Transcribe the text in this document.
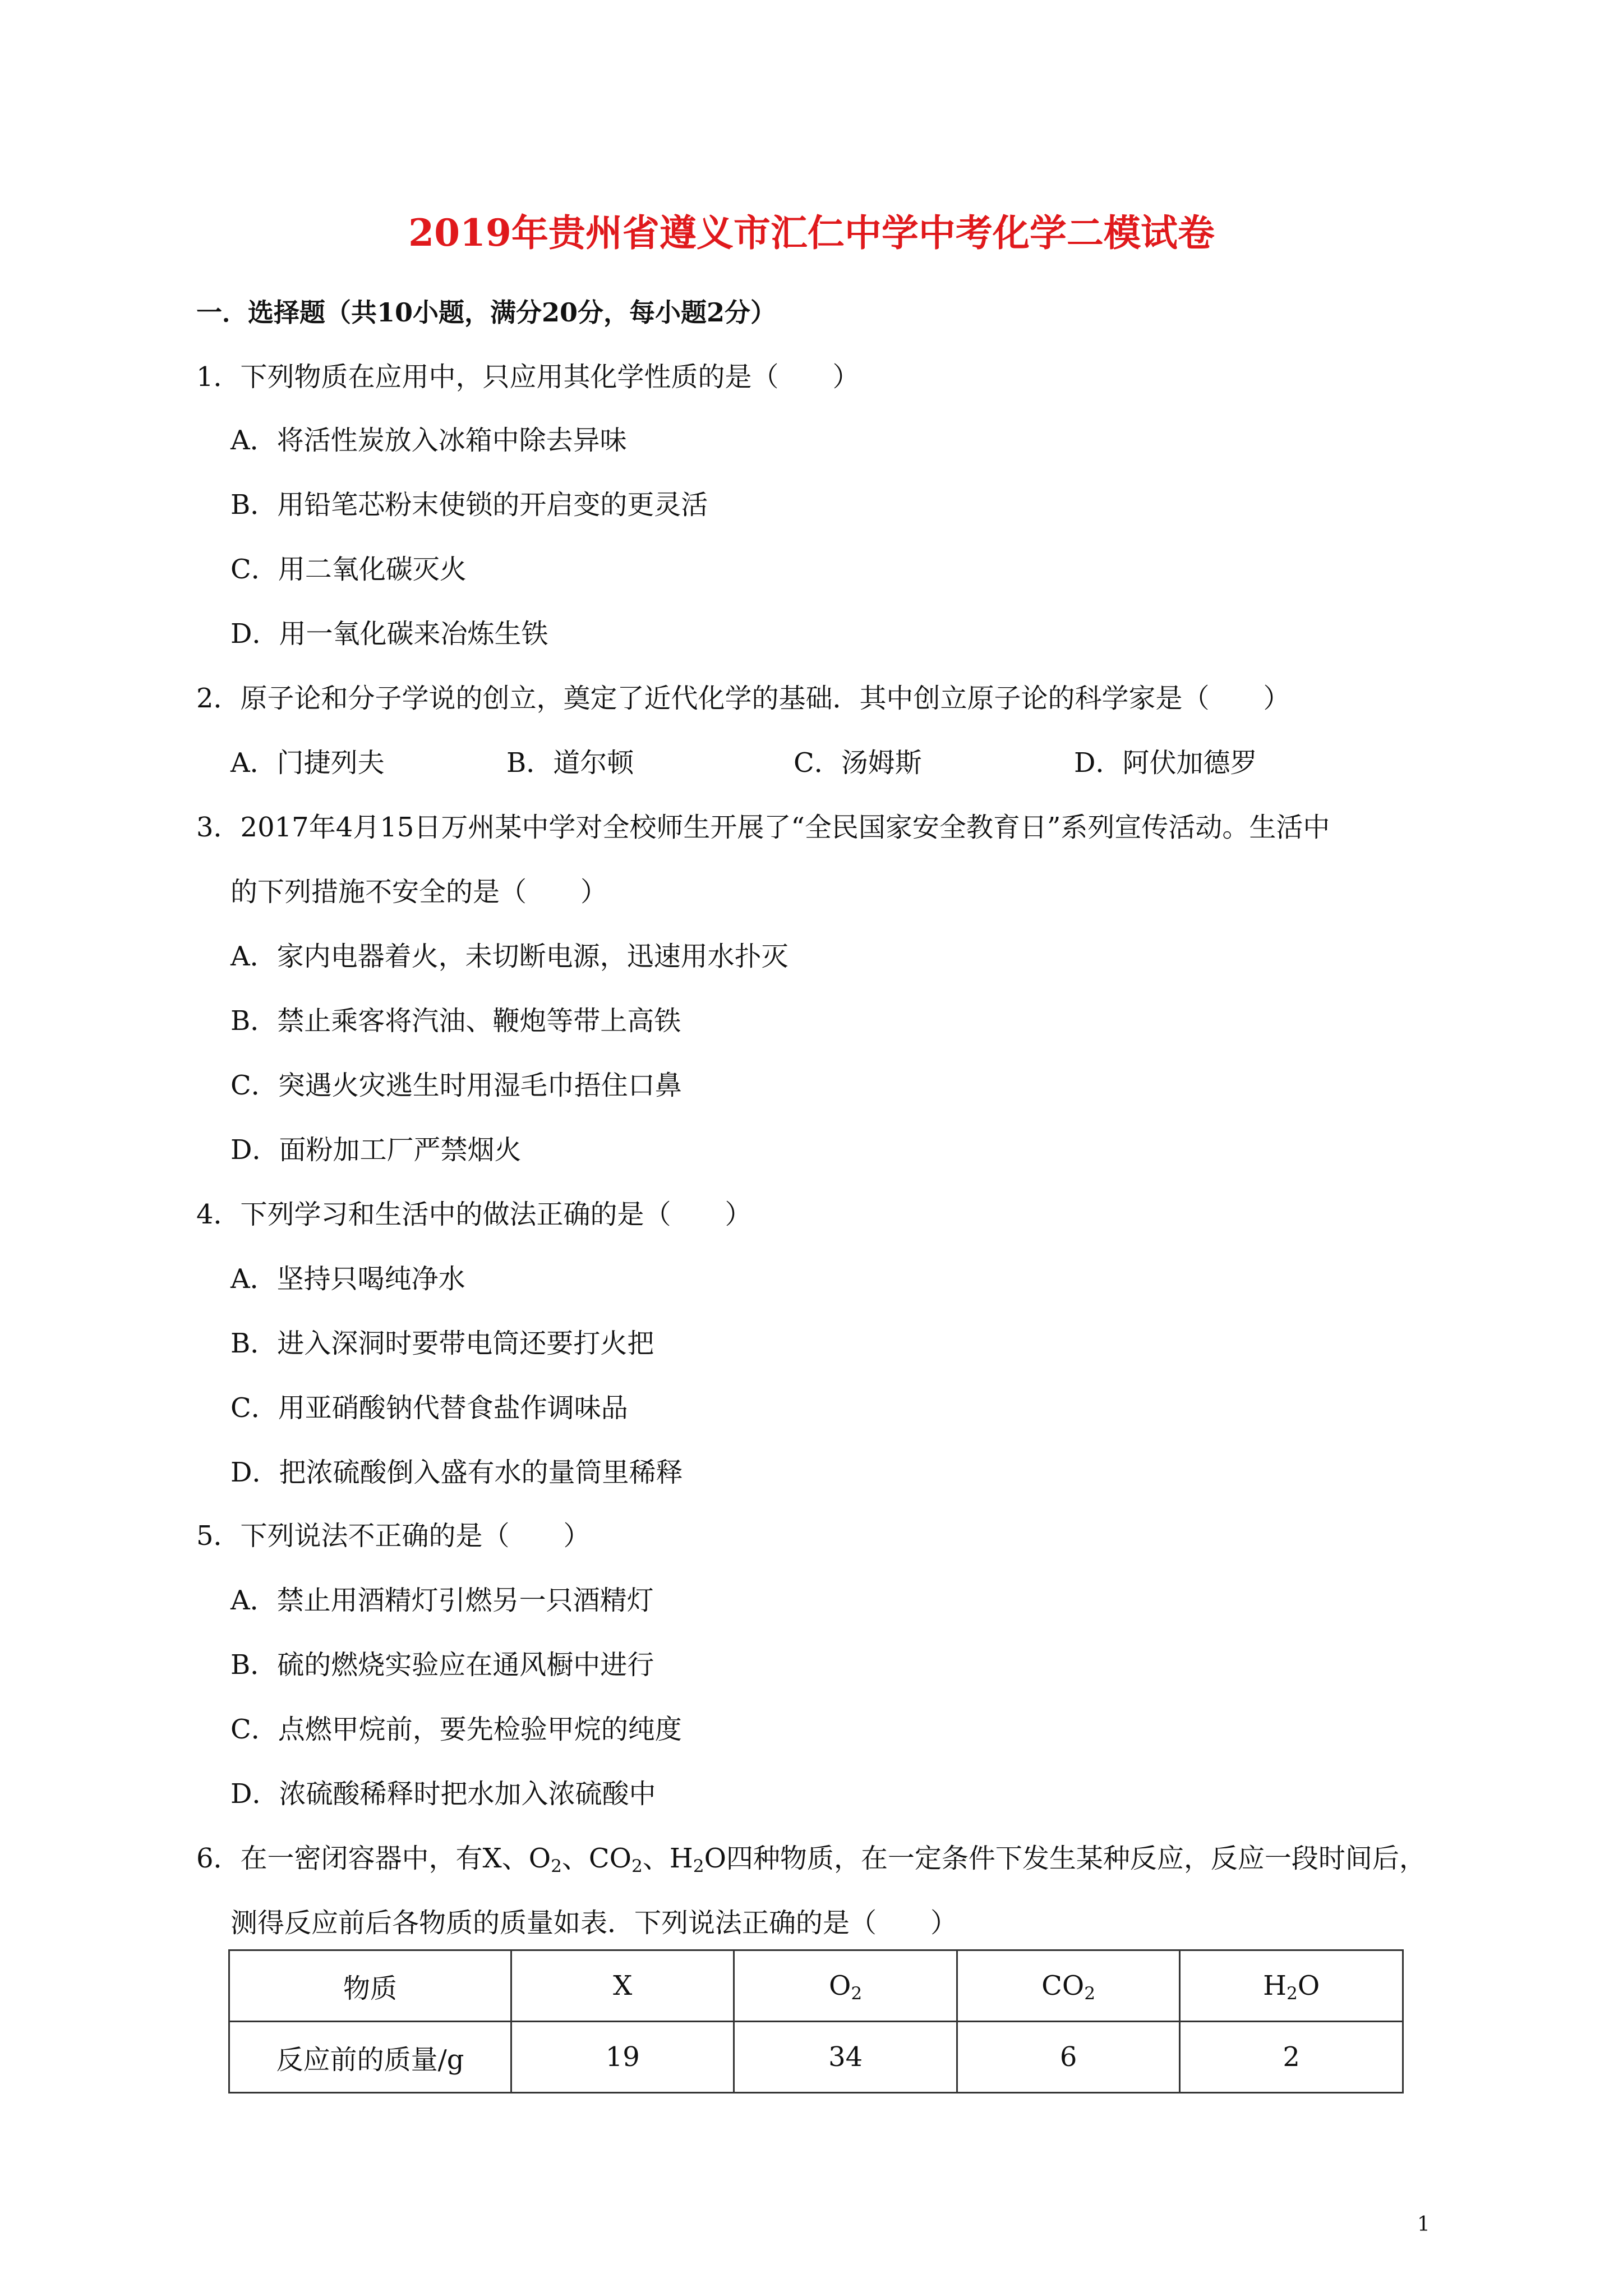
2019年贵州省遵义市汇仁中学中考化学二模试卷
一．选择题（共10小题，满分20分，每小题2分）
1．下列物质在应用中，只应用其化学性质的是（　　）
A．将活性炭放入冰箱中除去异味
B．用铅笔芯粉末使锁的开启变的更灵活
C．用二氧化碳灭火
D．用一氧化碳来冶炼生铁
2．原子论和分子学说的创立，奠定了近代化学的基础．其中创立原子论的科学家是（　　）
A．门捷列夫	B．道尔顿	C．汤姆斯	D．阿伏加德罗
3．2017年4月15日万州某中学对全校师生开展了“全民国家安全教育日”系列宣传活动。生活中
的下列措施不安全的是（　　）
A．家内电器着火，未切断电源，迅速用水扑灭
B．禁止乘客将汽油、鞭炮等带上高铁
C．突遇火灾逃生时用湿毛巾捂住口鼻
D．面粉加工厂严禁烟火
4．下列学习和生活中的做法正确的是（　　）
A．坚持只喝纯净水
B．进入深洞时要带电筒还要打火把
C．用亚硝酸钠代替食盐作调味品
D．把浓硫酸倒入盛有水的量筒里稀释
5．下列说法不正确的是（　　）
A．禁止用酒精灯引燃另一只酒精灯
B．硫的燃烧实验应在通风橱中进行
C．点燃甲烷前，要先检验甲烷的纯度
D．浓硫酸稀释时把水加入浓硫酸中
6．在一密闭容器中，有X、$O_2$、$CO_2$、$H_2O$四种物质，在一定条件下发生某种反应，反应一段时间后，
测得反应前后各物质的质量如表．下列说法正确的是（　　）
物质	X	$O_2$	$CO_2$	$H_2O$
反应前的质量/g	19	34	6	2
1
